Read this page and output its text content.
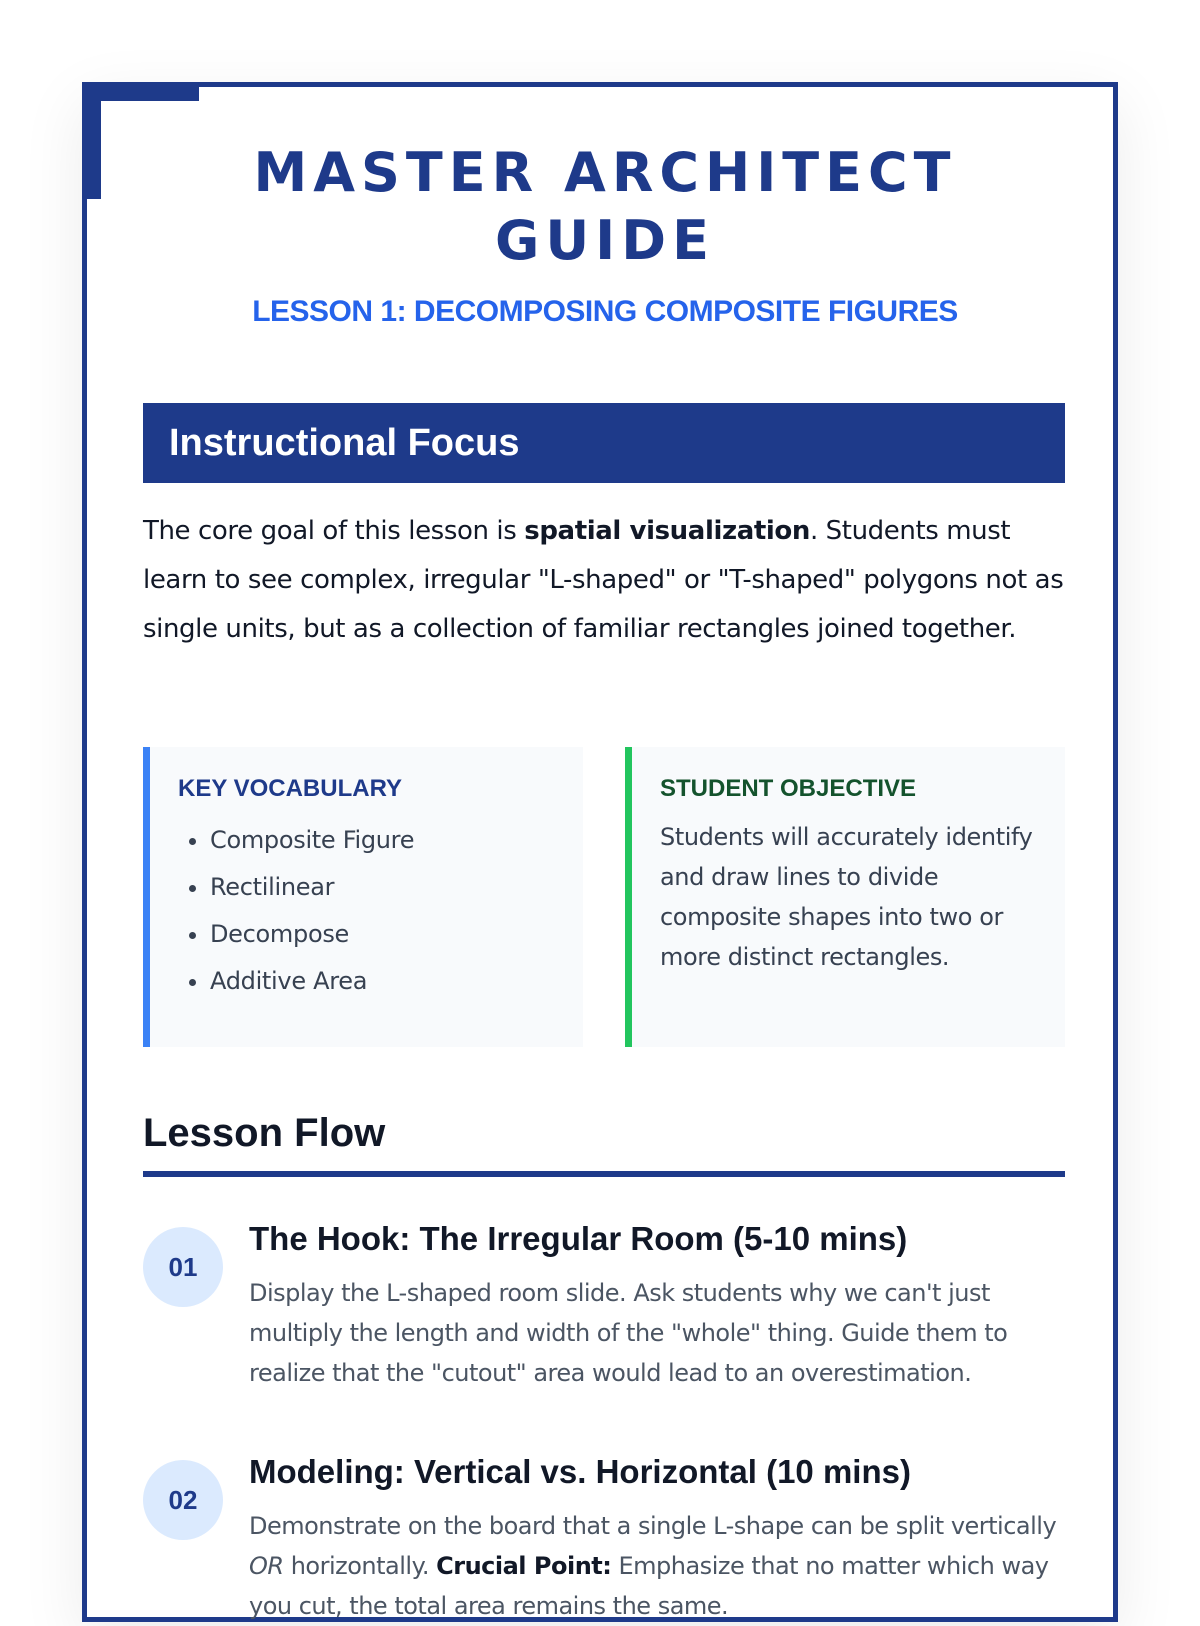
MASTER ARCHITECT GUIDE
LESSON 1: DECOMPOSING COMPOSITE FIGURES
Instructional Focus

The core goal of this lesson is spatial visualization. Students must learn to see complex, irregular "L-shaped" or "T-shaped" polygons not as single units, but as a collection of familiar rectangles joined together.

KEY VOCABULARY
• Composite Figure
• Rectilinear
• Decompose
• Additive Area
STUDENT OBJECTIVE

Students will accurately identify and draw lines to divide composite shapes into two or more distinct rectangles.

Lesson Flow
01
The Hook: The Irregular Room (5-10 mins)

Display the L-shaped room slide. Ask students why we can't just multiply the length and width of the "whole" thing. Guide them to realize that the "cutout" area would lead to an overestimation.

02
Modeling: Vertical vs. Horizontal (10 mins)

Demonstrate on the board that a single L-shape can be split vertically OR horizontally. Crucial Point: Emphasize that no matter which way you cut, the total area remains the same.
